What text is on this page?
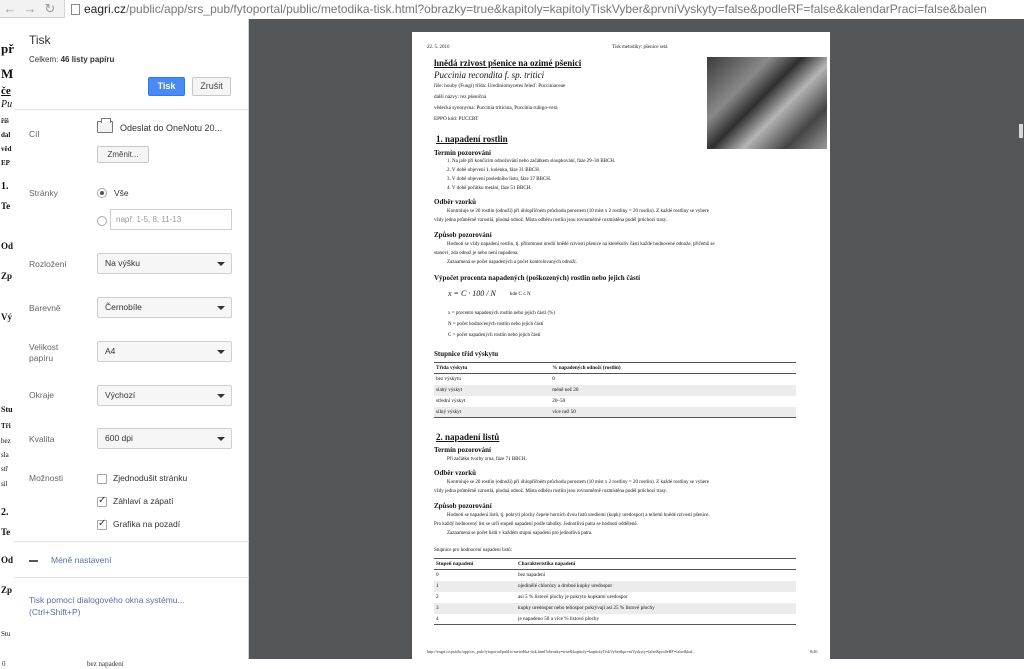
← → ↻	eagri.cz /public/app/srs_pub/fytoportal/public/metodika-tisk.html?obrazky=true&kapitoly=kapitolyTiskVyber&prvniVyskyty=false&podleRF=false&kalendarPraci=false&balen
př
M
če
Pu
říš
dal
věd
EP
1.
Te
Od
Zp
Vý
Stu
Tři
bez
sla
stř
sil
2.
Te
Od
Zp
Stu
0	bez napadení
Tisk
Celkem: 46 listy papíru
Tisk	Zrušit
Cíl
Odeslat do OneNotu 20...
Změnit...
Stránky	Vše
např. 1-5, 8, 11-13
Rozložení	Na výšku
Barevně	Černobíle
Velikost
papíru
A4
Okraje	Výchozí
Kvalita	600 dpi
Možnosti	Zjednodušit stránku
✓
Záhlaví a zápatí
✓
Grafika na pozadí
Méně nastavení
Tisk pomocí dialogového okna systému...
(Ctrl+Shift+P)
22. 5. 2016	Tisk metodiky: pšenice setá
hnědá rzivost pšenice na ozimé pšenici
Puccinia recondita f. sp. tritici
říše: houby (Fungi) třída: Urediniomycetes řeleď: Pucciniaceae
další názvy: rez pšeničná
vědecká synonyma: Puccinia triticina, Puccinia rubigo-vera
EPPO kód: PUCCRT
1. napadení rostlin
Termín pozorování
1. Na jaře při končícím odnožování nebo začátkem sloupkování, fáze 29–30 BBCH.
2. V době objevení 1. kolénka, fáze 31 BBCH.
3. V době objevení posledního listu, fáze 37 BBCH.
4. V době počátku metání, fáze 51 BBCH.
Odběr vzorků
Kontroluje se 20 rostlin (odnoží) při úhlopříčném průchodu porostem (10 míst x 2 rostliny = 20 rostlin). Z každé rostliny se vybere
vždy jedna průměrně vzrostlá, plodná odnož. Místa odběru rostlin jsou rovnoměrně rozmístěna podél průchozí trasy.
Způsob pozorování
Hodnotí se vždy napadení rostlin, tj. přítomnost uredií hnědé rzivosti pšenice na kterékoliv části každé hodnocené odnože, přičemž se
stanoví, zda odnož je nebo není napadena.
Zaznamená se počet napadených a počet kontrolovaných odnoží.
Výpočet procenta napadených (poškozených) rostlin nebo jejich částí
x = C · 100 / N	kde C ≤ N
x = procento napadených rostlin nebo jejich částí (%)
N = počet hodnocených rostlin nebo jejich částí
C = počet napadených rostlin nebo jejich částí
Stupnice tříd výskytu
Třída výskytu	% napadených odnoží (rostlin)
bez výskytu	0
slabý výskyt	méně než 20
střední výskyt	20–50
silný výskyt	více než 50
2. napadení listů
Termín pozorování
Při začátku tvorby zrna, fáze 71 BBCH.
Odběr vzorků
Kontroluje se 20 rostlin (odnoží) při úhlopříčném průchodu porostem (10 míst x 2 rostliny = 20 rostlin). Z každé rostliny se vybere
vždy jedna průměrně vzrostlá, plodná odnož. Místa odběru rostlin jsou rovnoměrně rozmístěna podél průchozí trasy.
Způsob pozorování
Hodnotí se napadení listů, tj. pokrytí plochy čepele horních dvou listů urediemi (kupky uredospor) a teliemi hnědé rzivosti pšenice.
Pro každý hodnocený list se určí stupeň napadení podle tabulky. Jednotlivá patra se hodnotí odděleně.
Zaznamená se počet listů v každém stupni napadení pro jednotlivá patra.
Stupnice pro hodnocení napadení listů:
Stupeň napadení	Charakteristika napadení
0	bez napadení
1	ojedinělé chlorózy a drobné kupky uredospor
2	asi 5 % listové plochy je pokryto kupkami uredospor
3	kupky uredospor nebo teliospor pokrývají asi 25 % listové plochy
4	je napadeno 50 a více % listové plochy
http://eagri.cz/public/app/srs_pub/fytoportal/public/metodika-tisk.html?obrazky=true&kapitoly=kapitolyTiskVyber&prvniVyskyty=false&podleRF=false&kal...	8/46
